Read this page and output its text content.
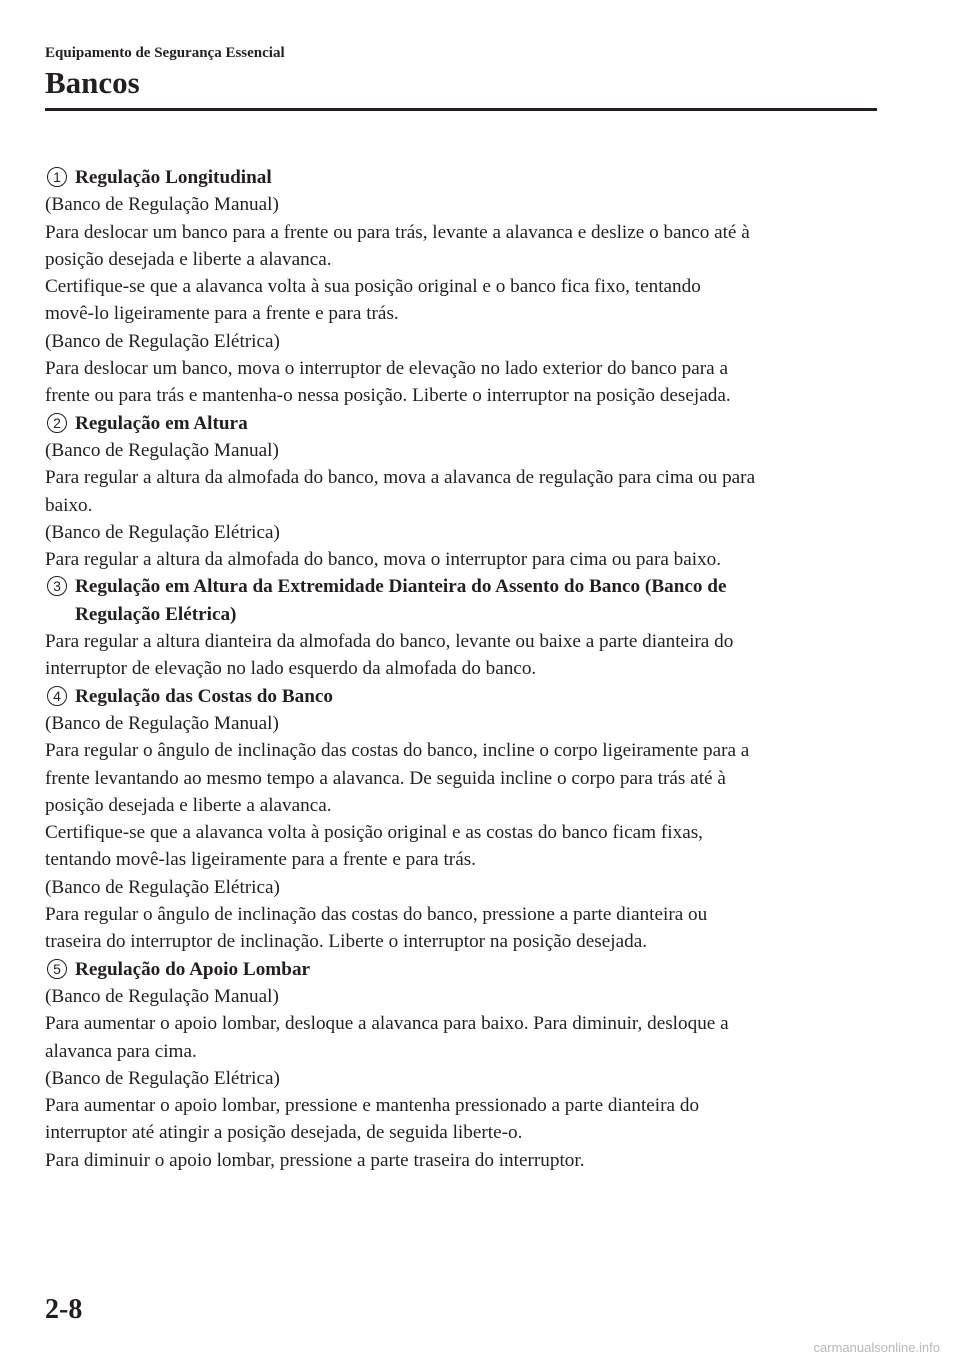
Equipamento de Segurança Essencial
Bancos
1 Regulação Longitudinal
(Banco de Regulação Manual)
Para deslocar um banco para a frente ou para trás, levante a alavanca e deslize o banco até à
posição desejada e liberte a alavanca.
Certifique-se que a alavanca volta à sua posição original e o banco fica fixo, tentando
movê-lo ligeiramente para a frente e para trás.
(Banco de Regulação Elétrica)
Para deslocar um banco, mova o interruptor de elevação no lado exterior do banco para a
frente ou para trás e mantenha-o nessa posição. Liberte o interruptor na posição desejada.
2 Regulação em Altura
(Banco de Regulação Manual)
Para regular a altura da almofada do banco, mova a alavanca de regulação para cima ou para
baixo.
(Banco de Regulação Elétrica)
Para regular a altura da almofada do banco, mova o interruptor para cima ou para baixo.
3 Regulação em Altura da Extremidade Dianteira do Assento do Banco (Banco de
Regulação Elétrica)
Para regular a altura dianteira da almofada do banco, levante ou baixe a parte dianteira do
interruptor de elevação no lado esquerdo da almofada do banco.
4 Regulação das Costas do Banco
(Banco de Regulação Manual)
Para regular o ângulo de inclinação das costas do banco, incline o corpo ligeiramente para a
frente levantando ao mesmo tempo a alavanca. De seguida incline o corpo para trás até à
posição desejada e liberte a alavanca.
Certifique-se que a alavanca volta à posição original e as costas do banco ficam fixas,
tentando movê-las ligeiramente para a frente e para trás.
(Banco de Regulação Elétrica)
Para regular o ângulo de inclinação das costas do banco, pressione a parte dianteira ou
traseira do interruptor de inclinação. Liberte o interruptor na posição desejada.
5 Regulação do Apoio Lombar
(Banco de Regulação Manual)
Para aumentar o apoio lombar, desloque a alavanca para baixo. Para diminuir, desloque a
alavanca para cima.
(Banco de Regulação Elétrica)
Para aumentar o apoio lombar, pressione e mantenha pressionado a parte dianteira do
interruptor até atingir a posição desejada, de seguida liberte-o.
Para diminuir o apoio lombar, pressione a parte traseira do interruptor.
2-8
carmanualsonline.info
